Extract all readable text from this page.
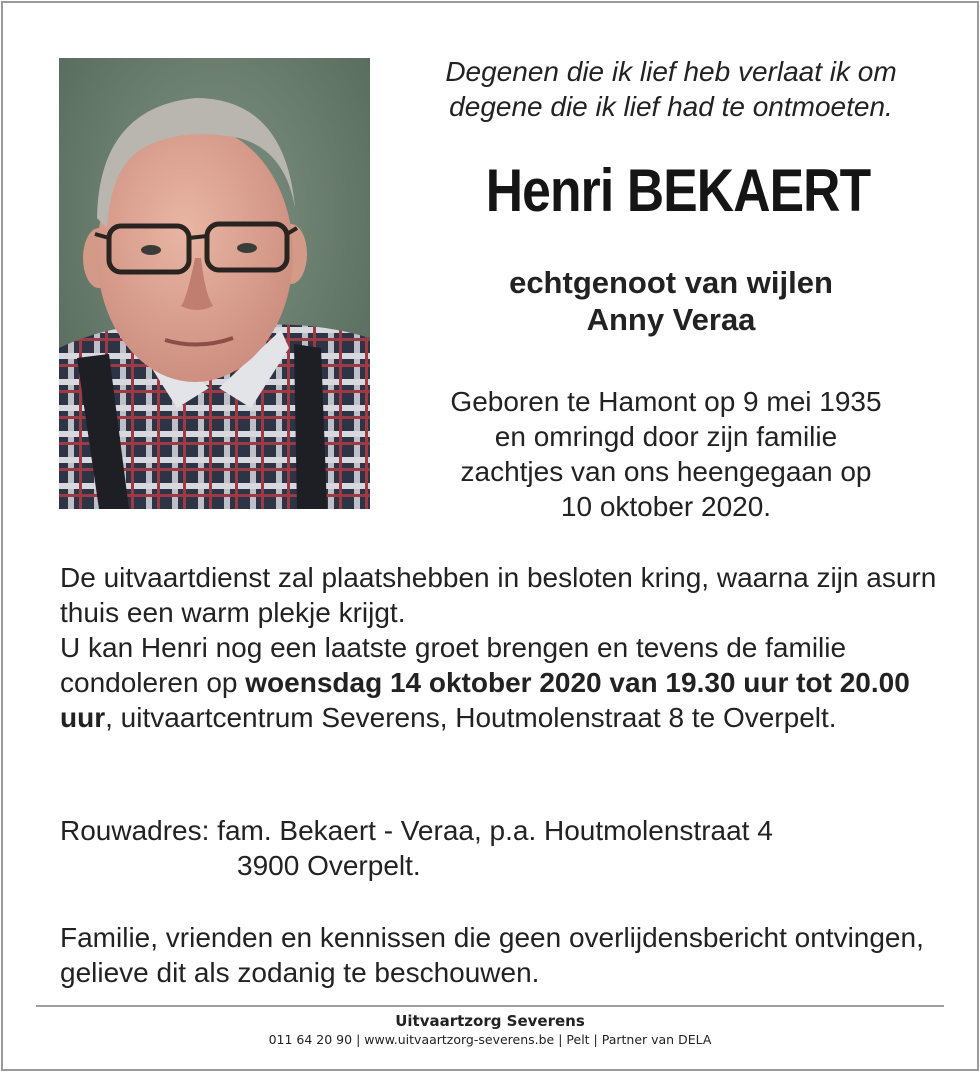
Degenen die ik lief heb verlaat ik om
degene die ik lief had te ontmoeten.
Henri BEKAERT
echtgenoot van wijlen
Anny Veraa
Geboren te Hamont op 9 mei 1935
en omringd door zijn familie
zachtjes van ons heengegaan op
10 oktober 2020.

De uitvaartdienst zal plaatshebben in besloten kring, waarna zijn asurn thuis een warm plekje krijgt.

U kan Henri nog een laatste groet brengen en tevens de familie condoleren op woensdag 14 oktober 2020 van 19.30 uur tot 20.00 uur, uitvaartcentrum Severens, Houtmolenstraat 8 te Overpelt.

Rouwadres: fam. Bekaert - Veraa, p.a. Houtmolenstraat 4
3900 Overpelt.
Familie, vrienden en kennissen die geen overlijdensbericht ontvingen, gelieve dit als zodanig te beschouwen.
Uitvaartzorg Severens
011 64 20 90 | www.uitvaartzorg-severens.be | Pelt | Partner van DELA
